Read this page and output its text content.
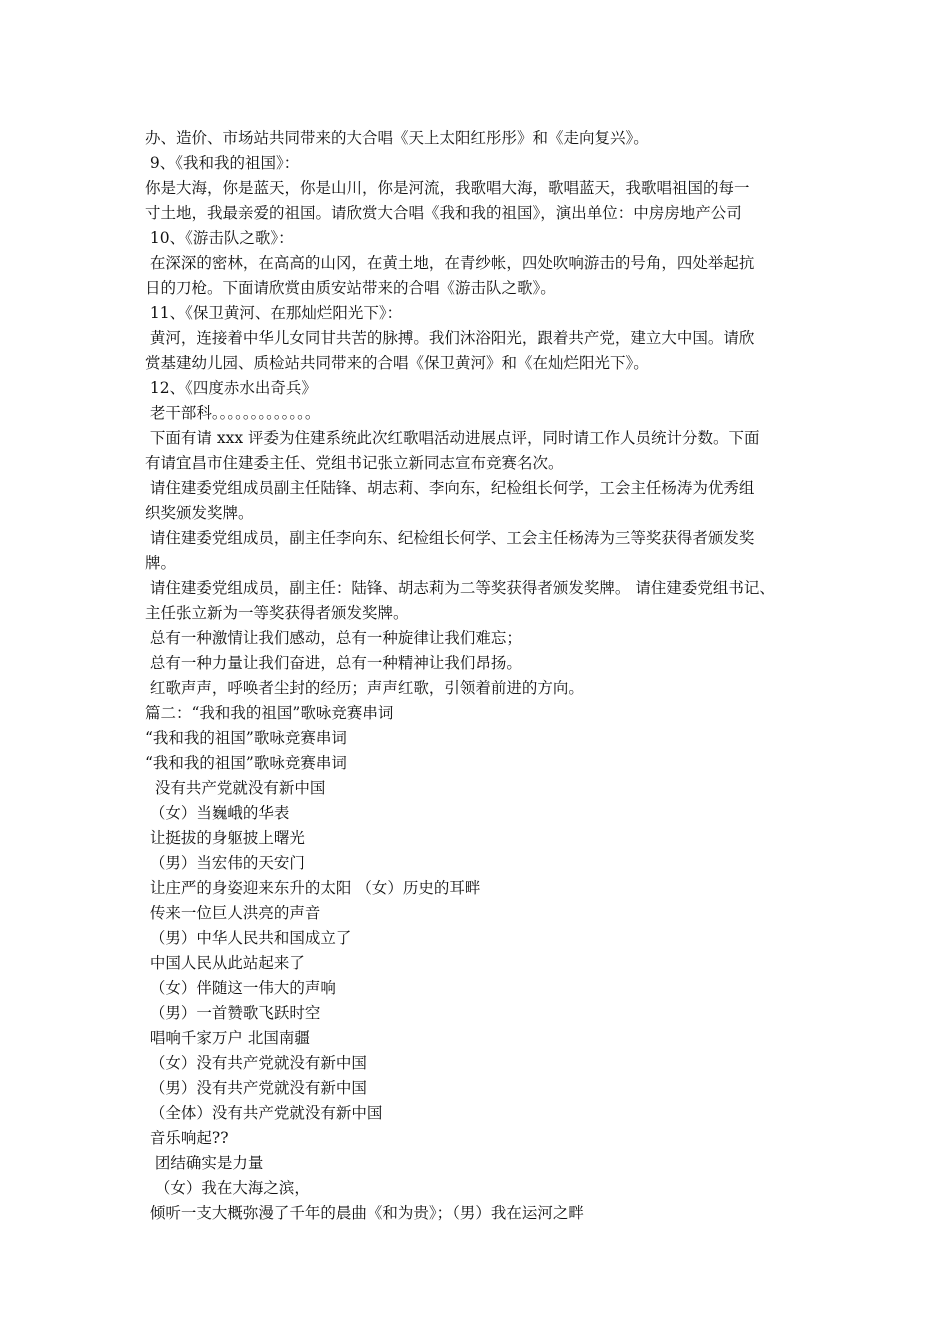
办、造价、市场站共同带来的大合唱《天上太阳红彤彤》和《走向复兴》。
9、《我和我的祖国》：
你是大海，你是蓝天，你是山川，你是河流，我歌唱大海，歌唱蓝天，我歌唱祖国的每一
寸土地，我最亲爱的祖国。请欣赏大合唱《我和我的祖国》，演出单位：中房房地产公司
10、《游击队之歌》：
在深深的密林，在高高的山冈，在黄土地，在青纱帐，四处吹响游击的号角，四处举起抗
日的刀枪。下面请欣赏由质安站带来的合唱《游击队之歌》。
11、《保卫黄河、在那灿烂阳光下》：
黄河，连接着中华儿女同甘共苦的脉搏。我们沐浴阳光，跟着共产党，建立大中国。请欣
赏基建幼儿园、质检站共同带来的合唱《保卫黄河》和《在灿烂阳光下》。
12、《四度赤水出奇兵》
老干部科。。。。。。。。。。。。。
下面有请 xxx 评委为住建系统此次红歌唱活动进展点评，同时请工作人员统计分数。下面
有请宜昌市住建委主任、党组书记张立新同志宣布竞赛名次。
请住建委党组成员副主任陆锋、胡志莉、李向东，纪检组长何学，工会主任杨涛为优秀组
织奖颁发奖牌。
请住建委党组成员，副主任李向东、纪检组长何学、工会主任杨涛为三等奖获得者颁发奖
牌。
请住建委党组成员，副主任：陆锋、胡志莉为二等奖获得者颁发奖牌。 请住建委党组书记、
主任张立新为一等奖获得者颁发奖牌。
总有一种激情让我们感动，总有一种旋律让我们难忘；
总有一种力量让我们奋进，总有一种精神让我们昂扬。
红歌声声，呼唤者尘封的经历；声声红歌，引领着前进的方向。
篇二：“我和我的祖国”歌咏竞赛串词
“我和我的祖国”歌咏竞赛串词
“我和我的祖国”歌咏竞赛串词
没有共产党就没有新中国
（女）当巍峨的华表
让挺拔的身躯披上曙光
（男）当宏伟的天安门
让庄严的身姿迎来东升的太阳 （女）历史的耳畔
传来一位巨人洪亮的声音
（男）中华人民共和国成立了
中国人民从此站起来了
（女）伴随这一伟大的声响
（男）一首赞歌飞跃时空
唱响千家万户 北国南疆
（女）没有共产党就没有新中国
（男）没有共产党就没有新中国
（全体）没有共产党就没有新中国
音乐响起??
团结确实是力量
（女）我在大海之滨，
倾听一支大概弥漫了千年的晨曲《和为贵》；（男）我在运河之畔
